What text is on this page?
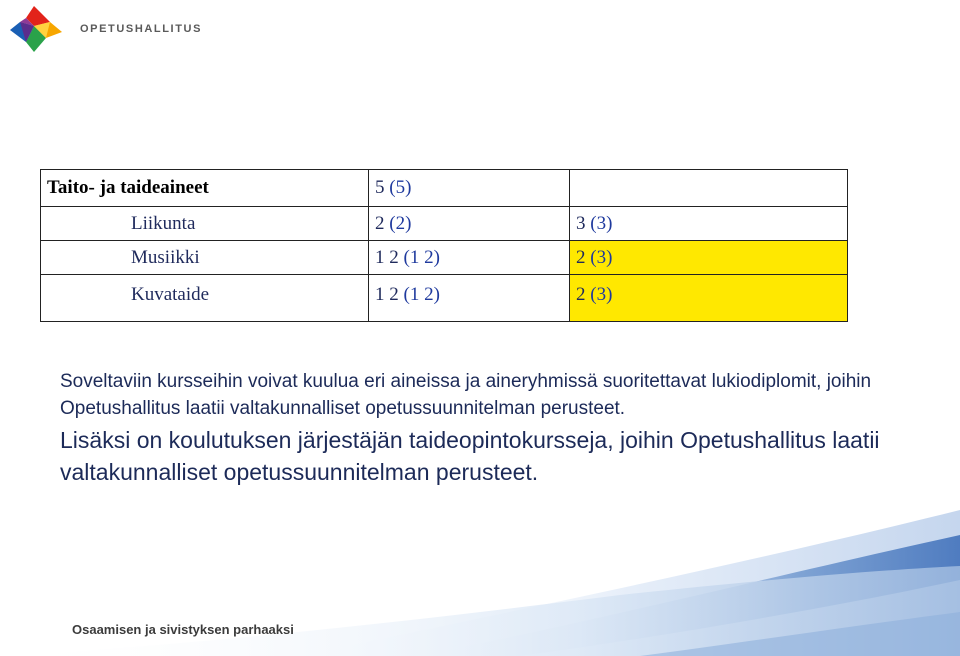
OPETUSHALLITUS
Taito- ja taideaineet	5 (5)	
Liikunta	2 (2)	3 (3)
Musiikki	1 2 (1 2)	2 (3)
Kuvataide	1 2 (1 2)	2 (3)

Soveltaviin kursseihin voivat kuulua eri aineissa ja aineryhmissä suoritettavat lukiodiplomit, joihin Opetushallitus laatii valtakunnalliset opetussuunnitelman perusteet.

Lisäksi on koulutuksen järjestäjän taideopintokursseja, joihin Opetushallitus laatii valtakunnalliset opetussuunnitelman perusteet.

Osaamisen ja sivistyksen parhaaksi
